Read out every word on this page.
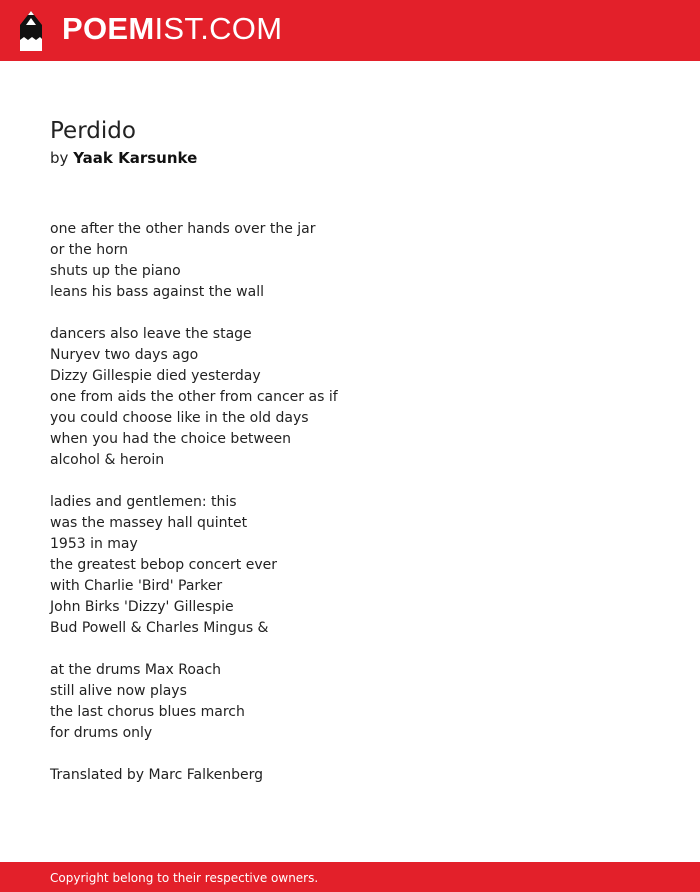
POEMIST.COM
Perdido
by Yaak Karsunke
one after the other hands over the jar
or the horn
shuts up the piano
leans his bass against the wall
dancers also leave the stage
Nuryev two days ago
Dizzy Gillespie died yesterday
one from aids the other from cancer as if
you could choose like in the old days
when you had the choice between
alcohol & heroin
ladies and gentlemen: this
was the massey hall quintet
1953 in may
the greatest bebop concert ever
with Charlie 'Bird' Parker
John Birks 'Dizzy' Gillespie
Bud Powell & Charles Mingus &
at the drums Max Roach
still alive now plays
the last chorus blues march
for drums only
Translated by Marc Falkenberg
Copyright belong to their respective owners.
